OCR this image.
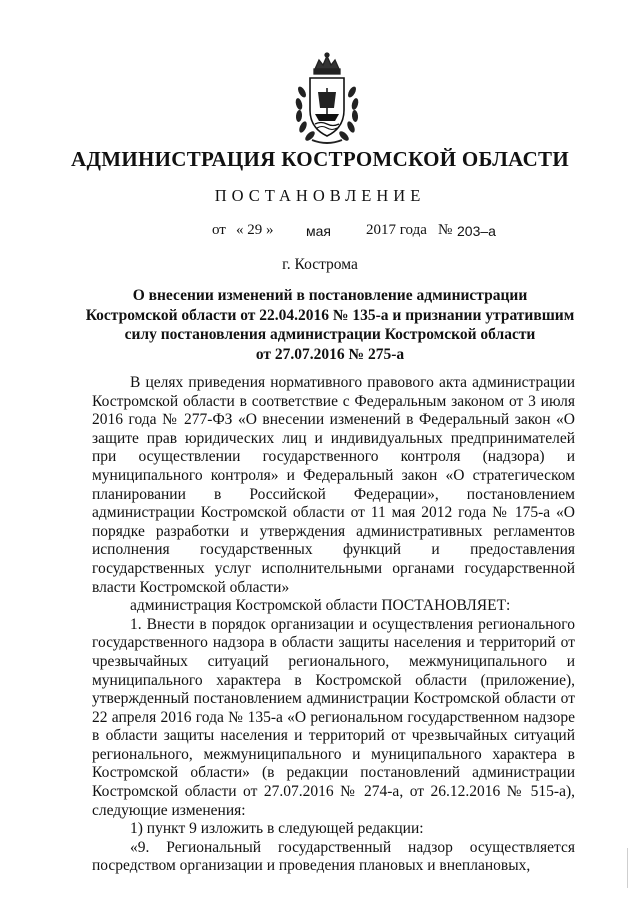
АДМИНИСТРАЦИЯ КОСТРОМСКОЙ ОБЛАСТИ
ПОСТАНОВЛЕНИЕ
от « 29 » мая 2017 года № 203–а
г. Кострома
О внесении изменений в постановление администрации
Костромской области от 22.04.2016 № 135-а и признании утратившим
силу постановления администрации Костромской области
от 27.07.2016 № 275-а

В целях приведения нормативного правового акта администрации Костромской области в соответствие с Федеральным законом от 3 июля 2016 года № 277-ФЗ «О внесении изменений в Федеральный закон «О защите прав юридических лиц и индивидуальных предпринимателей при осуществлении государственного контроля (надзора) и муниципального контроля» и Федеральный закон «О стратегическом планировании в Российской Федерации», постановлением администрации Костромской области от 11 мая 2012 года № 175-а «О порядке разработки и утверждения административных регламентов исполнения государственных функций и предоставления государственных услуг исполнительными органами государственной власти Костромской области»

администрация Костромской области ПОСТАНОВЛЯЕТ:

1. Внести в порядок организации и осуществления регионального государственного надзора в области защиты населения и территорий от чрезвычайных ситуаций регионального, межмуниципального и муниципального характера в Костромской области (приложение), утвержденный постановлением администрации Костромской области от 22 апреля 2016 года № 135-а «О региональном государственном надзоре в области защиты населения и территорий от чрезвычайных ситуаций регионального, межмуниципального и муниципального характера в Костромской области» (в редакции постановлений администрации Костромской области от 27.07.2016 № 274-а, от 26.12.2016 № 515-а), следующие изменения:

1) пункт 9 изложить в следующей редакции:

«9. Региональный государственный надзор осуществляется посредством организации и проведения плановых и внеплановых,
